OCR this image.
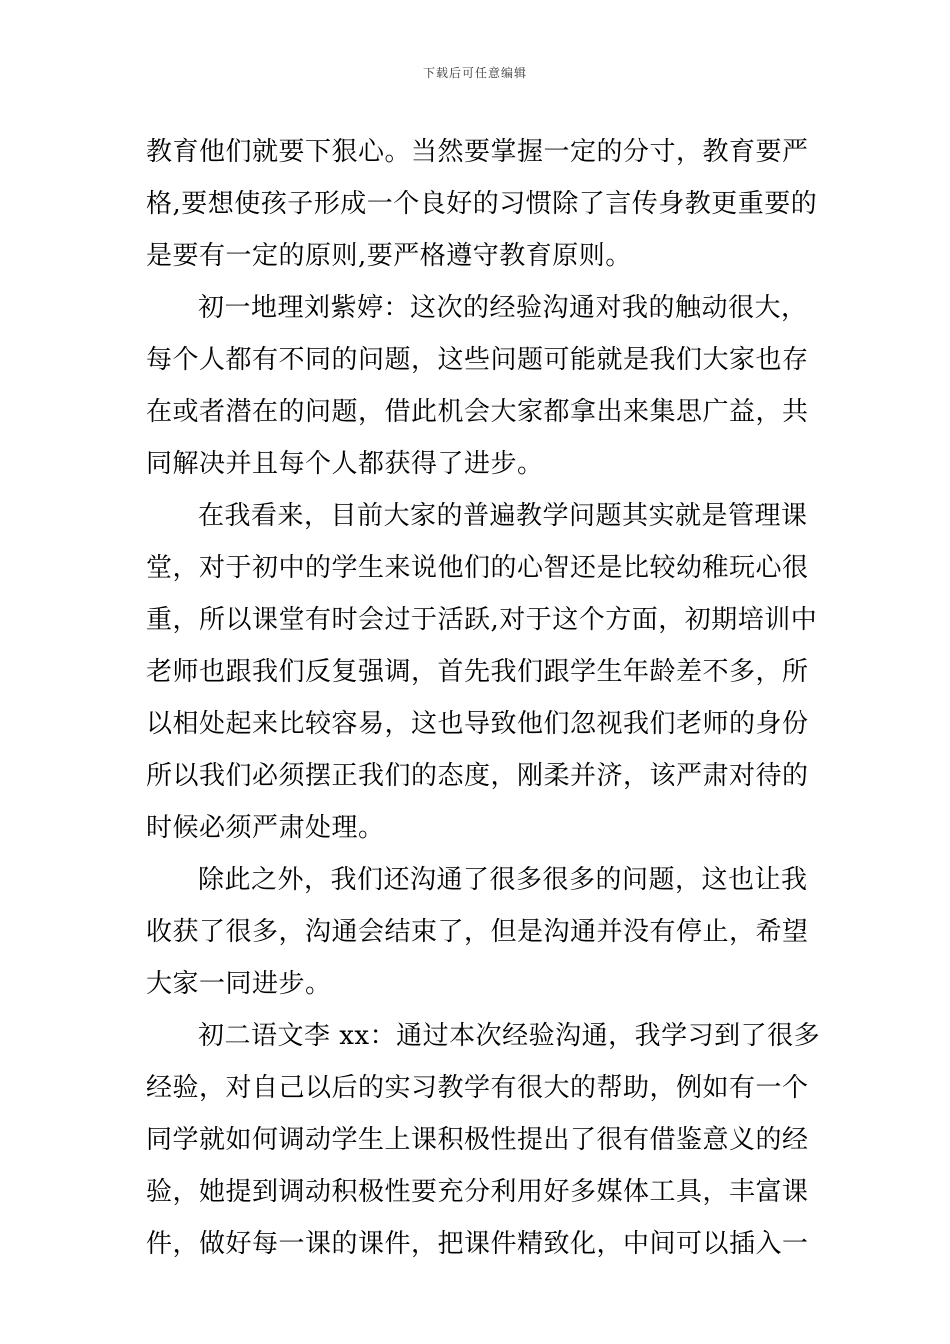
下载后可任意编辑
教育他们就要下狠心。当然要掌握一定的分寸，教育要严
格,要想使孩子形成一个良好的习惯除了言传身教更重要的
是要有一定的原则,要严格遵守教育原则。
初一地理刘紫婷：这次的经验沟通对我的触动很大，
每个人都有不同的问题，这些问题可能就是我们大家也存
在或者潜在的问题，借此机会大家都拿出来集思广益，共
同解决并且每个人都获得了进步。
在我看来，目前大家的普遍教学问题其实就是管理课
堂，对于初中的学生来说他们的心智还是比较幼稚玩心很
重，所以课堂有时会过于活跃,对于这个方面，初期培训中
老师也跟我们反复强调，首先我们跟学生年龄差不多，所
以相处起来比较容易，这也导致他们忽视我们老师的身份
所以我们必须摆正我们的态度，刚柔并济，该严肃对待的
时候必须严肃处理。
除此之外，我们还沟通了很多很多的问题，这也让我
收获了很多，沟通会结束了，但是沟通并没有停止，希望
大家一同进步。
初二语文李 xx：通过本次经验沟通，我学习到了很多
经验，对自己以后的实习教学有很大的帮助，例如有一个
同学就如何调动学生上课积极性提出了很有借鉴意义的经
验，她提到调动积极性要充分利用好多媒体工具，丰富课
件，做好每一课的课件，把课件精致化，中间可以插入一
